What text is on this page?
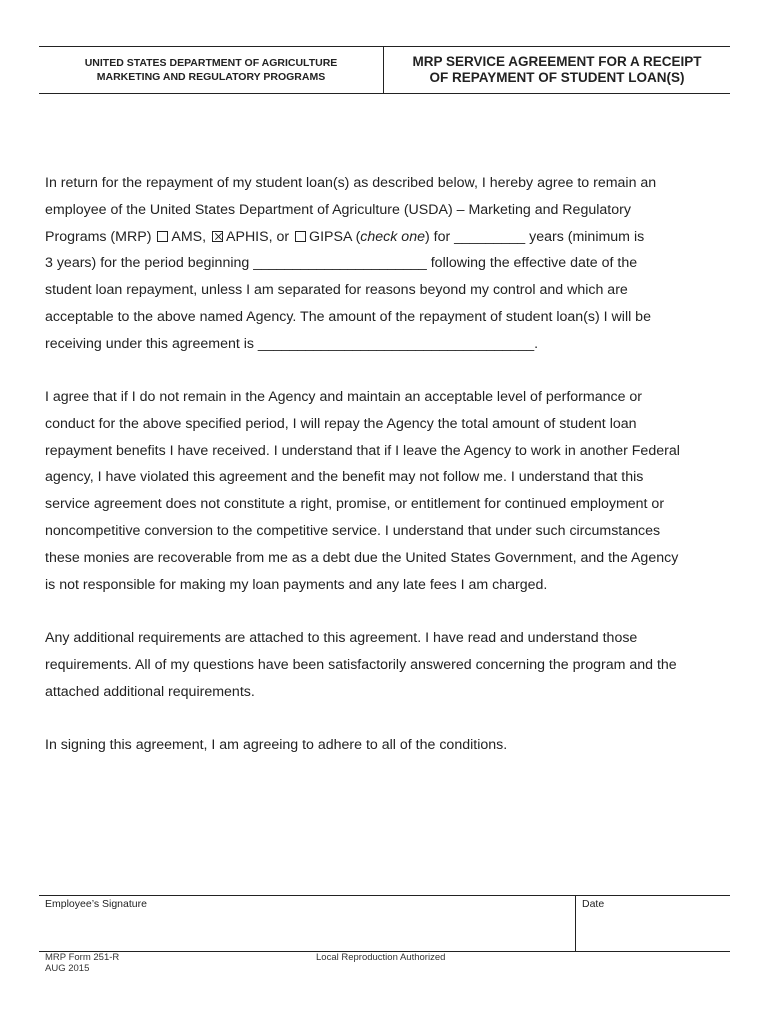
UNITED STATES DEPARTMENT OF AGRICULTURE
MARKETING AND REGULATORY PROGRAMS
MRP SERVICE AGREEMENT FOR A RECEIPT
OF REPAYMENT OF STUDENT LOAN(S)
In return for the repayment of my student loan(s) as described below, I hereby agree to remain an
employee of the United States Department of Agriculture (USDA) – Marketing and Regulatory
Programs (MRP) AMS, APHIS, or GIPSA (check one) for _________ years (minimum is
3 years) for the period beginning ______________________ following the effective date of the
student loan repayment, unless I am separated for reasons beyond my control and which are
acceptable to the above named Agency. The amount of the repayment of student loan(s) I will be
receiving under this agreement is ___________________________________.
I agree that if I do not remain in the Agency and maintain an acceptable level of performance or
conduct for the above specified period, I will repay the Agency the total amount of student loan
repayment benefits I have received. I understand that if I leave the Agency to work in another Federal
agency, I have violated this agreement and the benefit may not follow me. I understand that this
service agreement does not constitute a right, promise, or entitlement for continued employment or
noncompetitive conversion to the competitive service. I understand that under such circumstances
these monies are recoverable from me as a debt due the United States Government, and the Agency
is not responsible for making my loan payments and any late fees I am charged.
Any additional requirements are attached to this agreement. I have read and understand those
requirements. All of my questions have been satisfactorily answered concerning the program and the
attached additional requirements.
In signing this agreement, I am agreeing to adhere to all of the conditions.
Employee’s Signature	Date
MRP Form 251-R
AUG 2015
Local Reproduction Authorized
